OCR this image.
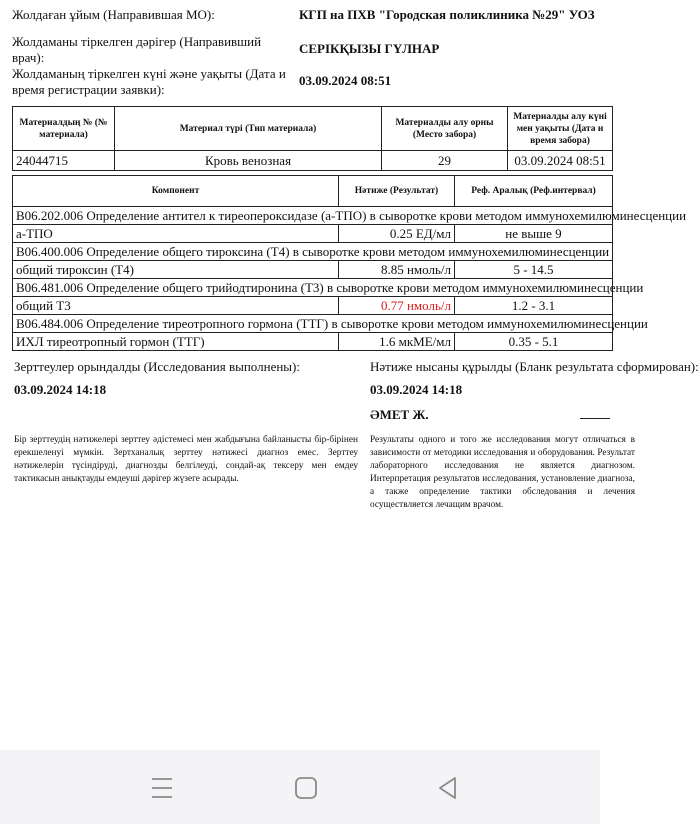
Жолдаған ұйым (Направившая МО):	КГП на ПХВ "Городская поликлиника №29" УОЗ
Жолдаманы тіркелген дәрігер (Направивший врач):
СЕРІКҚЫЗЫ ГҮЛНАР
Жолдаманың тіркелген күні және уақыты (Дата и время регистрации заявки):
03.09.2024 08:51
Материалдың № (№ материала)	Материал түрі (Тип материала)	Материалды алу орны (Место забора)	Материалды алу күні мен уақыты (Дата и время забора)
24044715	Кровь венозная	29	03.09.2024 08:51
Компонент	Нәтиже (Результат)	Реф. Аралық (Реф.интервал)
B06.202.006 Определение антител к тиреопероксидазе (а-ТПО) в сыворотке крови методом иммунохемилюминесценции		
а-ТПО	0.25 ЕД/мл	не выше 9
B06.400.006 Определение общего тироксина (Т4) в сыворотке крови методом иммунохемилюминесценции		
общий тироксин (Т4)	8.85 нмоль/л	5 - 14.5
B06.481.006 Определение общего трийодтиронина (Т3) в сыворотке крови методом иммунохемилюминесценции		
общий Т3	0.77 нмоль/л	1.2 - 3.1
B06.484.006 Определение тиреотропного гормона (ТТГ) в сыворотке крови методом иммунохемилюминесценции		
ИХЛ тиреотропный гормон (ТТГ)	1.6 мкМЕ/мл	0.35 - 5.1
Зерттеулер орындалды (Исследования выполнены):
03.09.2024 14:18
Нәтиже нысаны құрылды (Бланк результата сформирован):
03.09.2024 14:18
ӘМЕТ Ж.
Бір зерттеудің нәтижелері зерттеу әдістемесі мен жабдығына байланысты бір-бірінен ерекшеленуі мүмкін. Зертханалық зерттеу нәтижесі диагноз емес. Зерттеу нәтижелерін түсіндіруді, диагнозды белгілеуді, сондай-ақ тексеру мен емдеу тактикасын анықтауды емдеуші дәрігер жүзеге асырады.
Результаты одного и того же исследования могут отличаться в зависимости от методики исследования и оборудования. Результат лабораторного исследования не является диагнозом. Интерпретация результатов исследования, установление диагноза, а также определение тактики обследования и лечения осуществляется лечащим врачом.
